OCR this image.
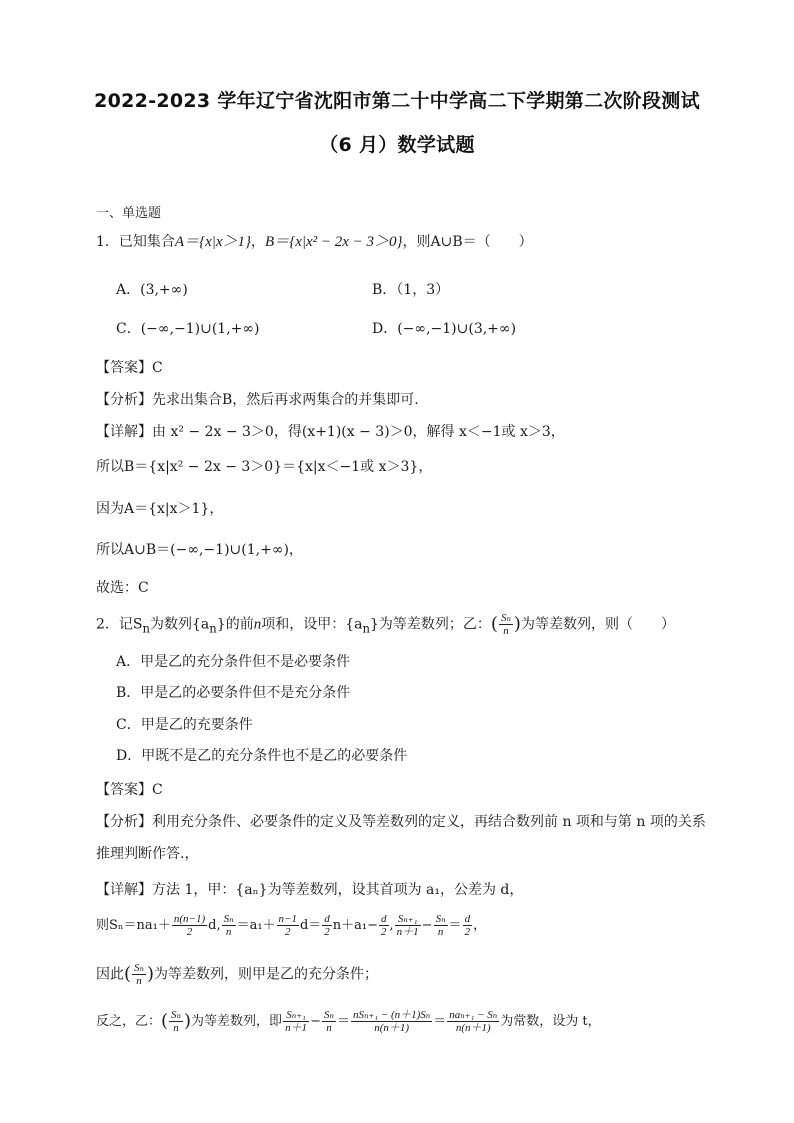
2022-2023 学年辽宁省沈阳市第二十中学高二下学期第二次阶段测试
（6 月）数学试题
一、单选题
1．已知集合A＝{x|x＞1}，B＝{x|x² − 2x − 3＞0}，则A∪B＝（　　）
A．(3,+∞)	B．（1，3）
C．(−∞,−1)∪(1,+∞)	D．(−∞,−1)∪(3,+∞)
【答案】C
【分析】先求出集合B，然后再求两集合的并集即可.
【详解】由 x² − 2x − 3＞0，得(x+1)(x − 3)＞0，解得 x＜−1或 x＞3，
所以B＝{x|x² − 2x − 3＞0}＝{x|x＜−1或 x＞3}，
因为A＝{x|x＞1}，
所以A∪B＝(−∞,−1)∪(1,+∞)，
故选：C
2．记$S_n$为数列$\{a_n\}$的前n项和，设甲：$\{a_n\}$为等差数列；乙：( $\frac{\text{Sₙ}}{n}$ )为等差数列，则（　　）
A．甲是乙的充分条件但不是必要条件
B．甲是乙的必要条件但不是充分条件
C．甲是乙的充要条件
D．甲既不是乙的充分条件也不是乙的必要条件
【答案】C
【分析】利用充分条件、必要条件的定义及等差数列的定义，再结合数列前 n 项和与第 n 项的关系
推理判断作答.，
【详解】方法 1，甲：{aₙ}为等差数列，设其首项为 a₁，公差为 d，
则$S_n=na_1+ \frac{n(n-1)}{2} d$, $\frac{\text{Sₙ}}{n} =a_1+ \frac{n-1}{2} d= \frac{d}{2} n+a_1- \frac{d}{2}$ , $\frac{\text{Sₙ₊₁}}{n+1} - \frac{\text{Sₙ}}{n} = \frac{d}{2}$ ，
因此( $\frac{\text{Sₙ}}{n}$ )为等差数列，则甲是乙的充分条件；
反之，乙：( $\frac{\text{Sₙ}}{n}$ )为等差数列，即 $\frac{\text{Sₙ₊₁}}{n+1} - \frac{\text{Sₙ}}{n} = \frac{\text{nSₙ₊₁ − (n＋1)Sₙ}}{n(n+1)} = \frac{\text{naₙ₊₁ − Sₙ}}{n(n+1)}$ 为常数，设为 t，
